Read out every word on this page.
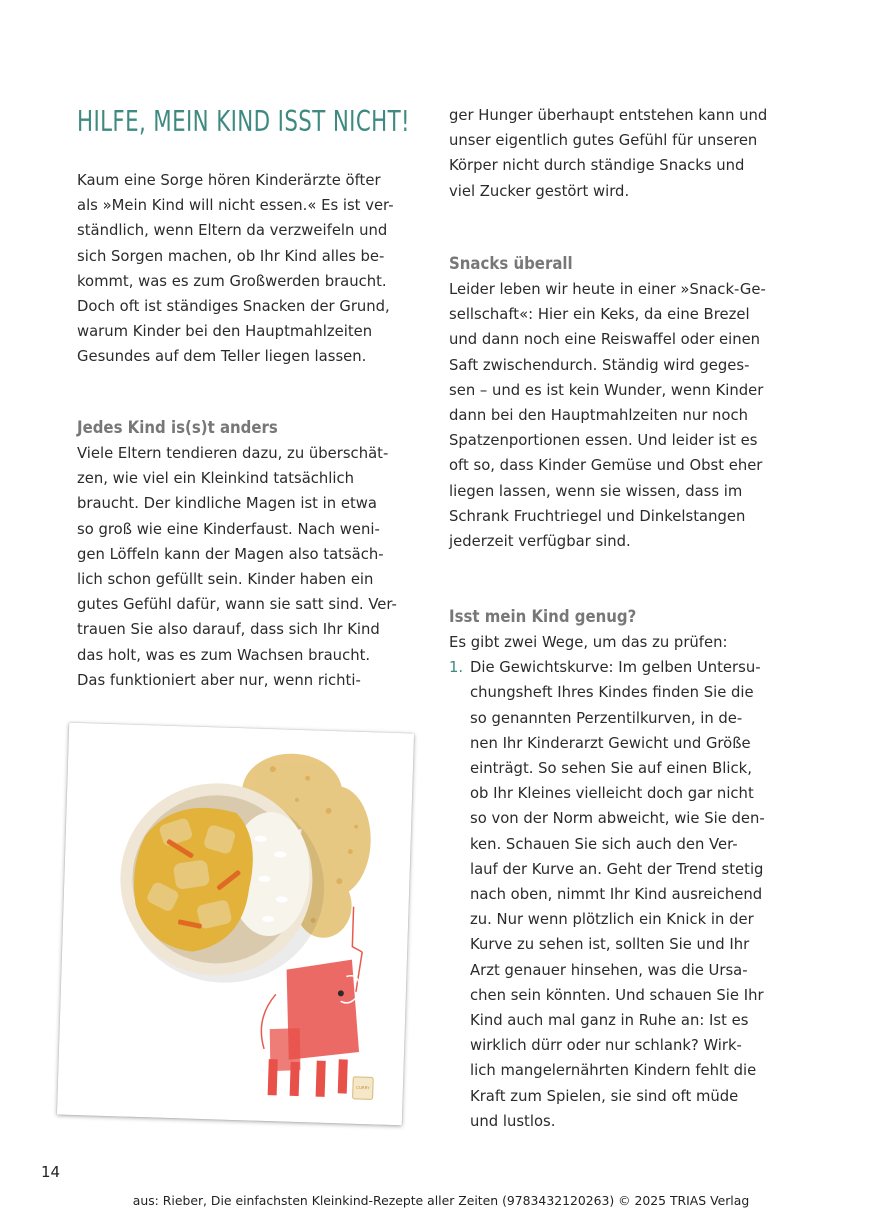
HILFE, MEIN KIND ISST NICHT!

Kaum eine Sorge hören Kinderärzte öfter

als »Mein Kind will nicht essen.« Es ist ver-

ständlich, wenn Eltern da verzweifeln und

sich Sorgen machen, ob Ihr Kind alles be-

kommt, was es zum Großwerden braucht.

Doch oft ist ständiges Snacken der Grund,

warum Kinder bei den Hauptmahlzeiten

Gesundes auf dem Teller liegen lassen.

Jedes Kind is(s)t anders

Viele Eltern tendieren dazu, zu überschät-

zen, wie viel ein Kleinkind tatsächlich

braucht. Der kindliche Magen ist in etwa

so groß wie eine Kinderfaust. Nach weni-

gen Löffeln kann der Magen also tatsäch-

lich schon gefüllt sein. Kinder haben ein

gutes Gefühl dafür, wann sie satt sind. Ver-

trauen Sie also darauf, dass sich Ihr Kind

das holt, was es zum Wachsen braucht.

Das funktioniert aber nur, wenn richti-

CURRY

ger Hunger überhaupt entstehen kann und

unser eigentlich gutes Gefühl für unseren

Körper nicht durch ständige Snacks und

viel Zucker gestört wird.

Snacks überall

Leider leben wir heute in einer »Snack-Ge-

sellschaft«: Hier ein Keks, da eine Brezel

und dann noch eine Reiswaffel oder einen

Saft zwischendurch. Ständig wird geges-

sen – und es ist kein Wunder, wenn Kinder

dann bei den Hauptmahlzeiten nur noch

Spatzenportionen essen. Und leider ist es

oft so, dass Kinder Gemüse und Obst eher

liegen lassen, wenn sie wissen, dass im

Schrank Fruchtriegel und Dinkelstangen

jederzeit verfügbar sind.

Isst mein Kind genug?

Es gibt zwei Wege, um das zu prüfen:

1. Die Gewichtskurve: Im gelben Untersu-

chungsheft Ihres Kindes finden Sie die

so genannten Perzentilkurven, in de-

nen Ihr Kinderarzt Gewicht und Größe

einträgt. So sehen Sie auf einen Blick,

ob Ihr Kleines vielleicht doch gar nicht

so von der Norm abweicht, wie Sie den-

ken. Schauen Sie sich auch den Ver-

lauf der Kurve an. Geht der Trend stetig

nach oben, nimmt Ihr Kind ausreichend

zu. Nur wenn plötzlich ein Knick in der

Kurve zu sehen ist, sollten Sie und Ihr

Arzt genauer hinsehen, was die Ursa-

chen sein könnten. Und schauen Sie Ihr

Kind auch mal ganz in Ruhe an: Ist es

wirklich dürr oder nur schlank? Wirk-

lich mangelernährten Kindern fehlt die

Kraft zum Spielen, sie sind oft müde

und lustlos.

14

aus: Rieber, Die einfachsten Kleinkind-Rezepte aller Zeiten (9783432120263) © 2025 TRIAS Verlag
